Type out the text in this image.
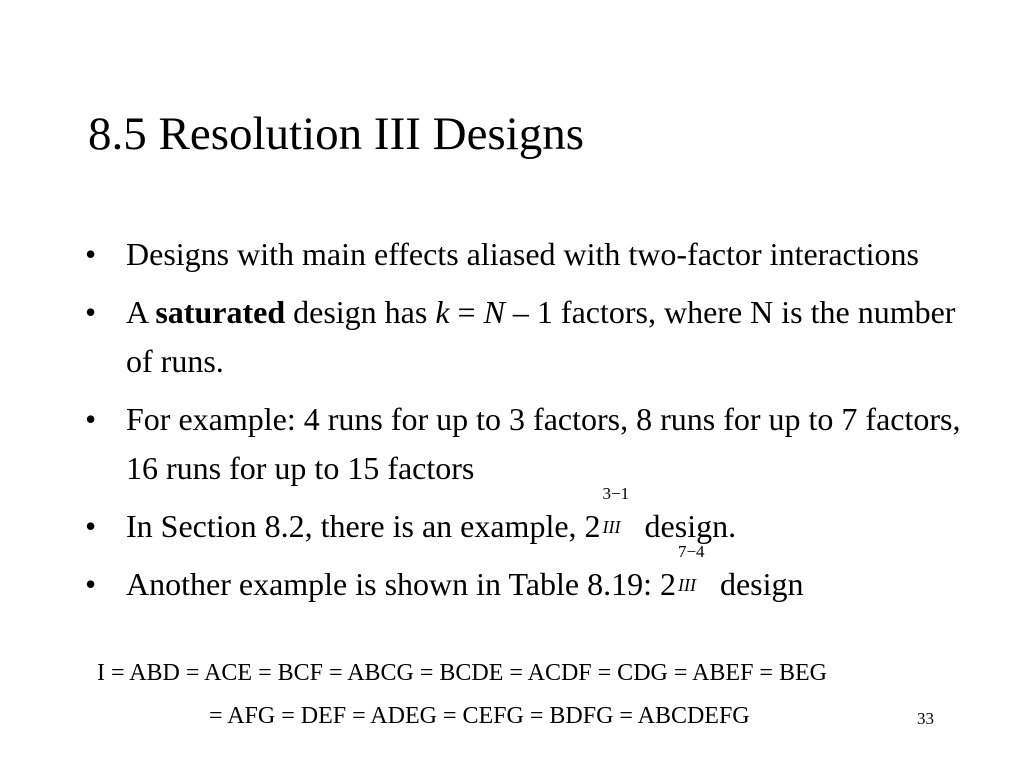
8.5 Resolution III Designs
• Designs with main effects aliased with two-factor interactions
• A saturated design has k = N – 1 factors, where N is the number of runs.
• For example: 4 runs for up to 3 factors, 8 runs for up to 7 factors, 16 runs for up to 15 factors
• In Section 8.2, there is an example, 2
3−1
III design.
• Another example is shown in Table 8.19: 2
7−4
III design
I = ABD = ACE = BCF = ABCG = BCDE = ACDF = CDG = ABEF = BEG
= AFG = DEF = ADEG = CEFG = BDFG = ABCDEFG	33
